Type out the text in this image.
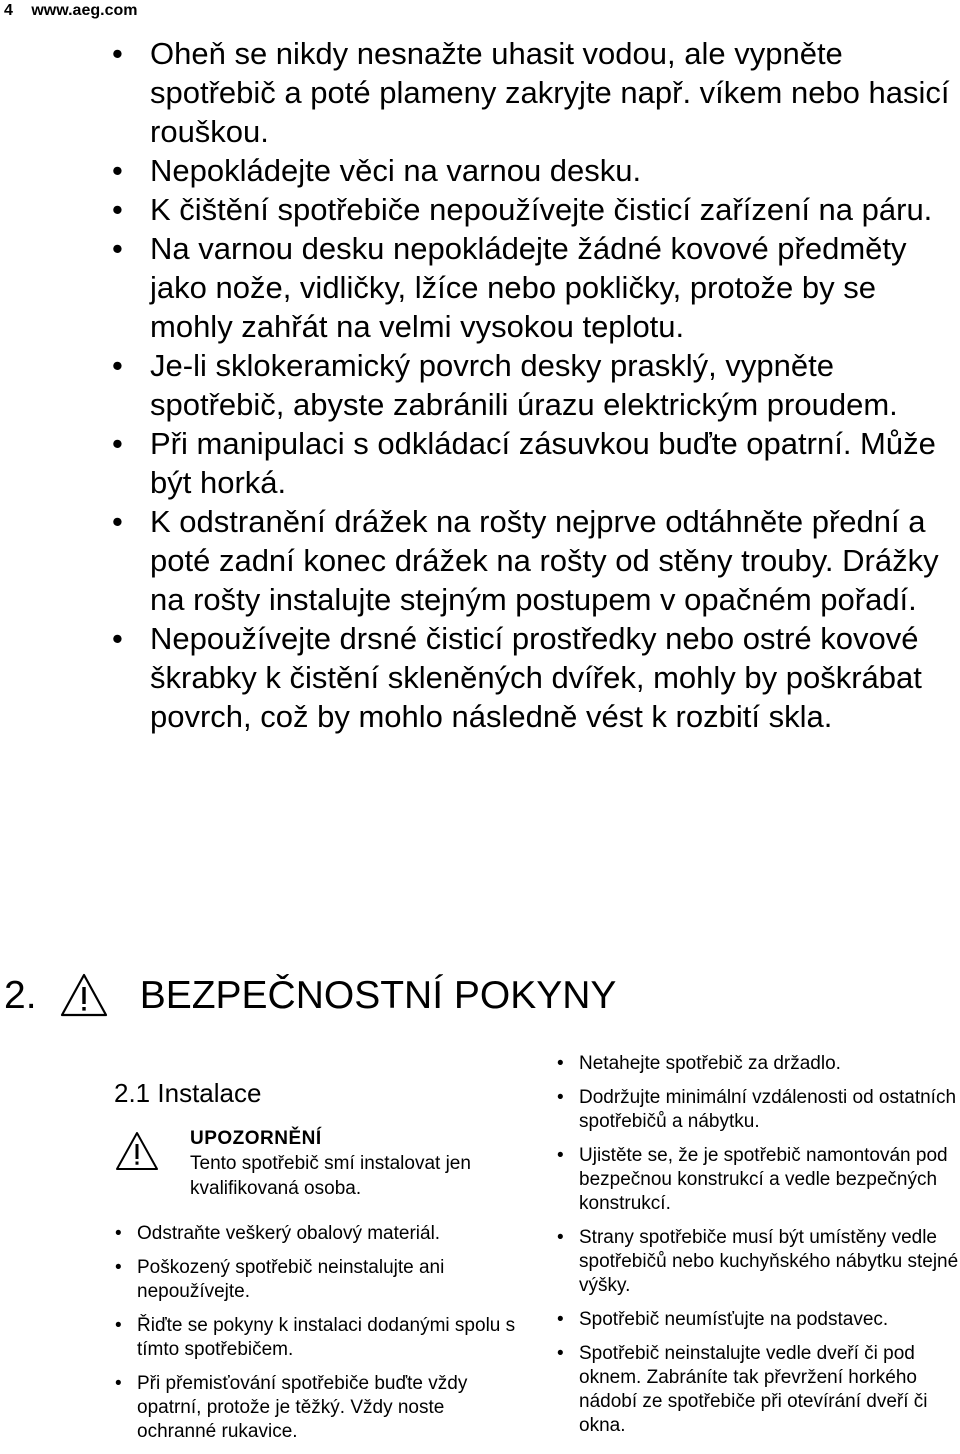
4 www.aeg.com
• Oheň se nikdy nesnažte uhasit vodou, ale vypněte spotřebič a poté plameny zakryjte např. víkem nebo hasicí rouškou.
• Nepokládejte věci na varnou desku.
• K čištění spotřebiče nepoužívejte čisticí zařízení na páru.
• Na varnou desku nepokládejte žádné kovové předměty jako nože, vidličky, lžíce nebo pokličky, protože by se mohly zahřát na velmi vysokou teplotu.
• Je-li sklokeramický povrch desky prasklý, vypněte spotřebič, abyste zabránili úrazu elektrickým proudem.
• Při manipulaci s odkládací zásuvkou buďte opatrní. Může být horká.
• K odstranění drážek na rošty nejprve odtáhněte přední a poté zadní konec drážek na rošty od stěny trouby. Drážky na rošty instalujte stejným postupem v opačném pořadí.
• Nepoužívejte drsné čisticí prostředky nebo ostré kovové škrabky k čistění skleněných dvířek, mohly by poškrábat povrch, což by mohlo následně vést k rozbití skla.
2.	BEZPEČNOSTNÍ POKYNY
2.1 Instalace
UPOZORNĚNÍ
Tento spotřebič smí instalovat jen kvalifikovaná osoba.
• Odstraňte veškerý obalový materiál.
• Poškozený spotřebič neinstalujte ani nepoužívejte.
• Řiďte se pokyny k instalaci dodanými spolu s tímto spotřebičem.
• Při přemisťování spotřebiče buďte vždy opatrní, protože je těžký. Vždy noste ochranné rukavice.
• Netahejte spotřebič za držadlo.
• Dodržujte minimální vzdálenosti od ostatních spotřebičů a nábytku.
• Ujistěte se, že je spotřebič namontován pod bezpečnou konstrukcí a vedle bezpečných konstrukcí.
• Strany spotřebiče musí být umístěny vedle spotřebičů nebo kuchyňského nábytku stejné výšky.
• Spotřebič neumísťujte na podstavec.
• Spotřebič neinstalujte vedle dveří či pod oknem. Zabráníte tak převržení horkého nádobí ze spotřebiče při otevírání dveří či okna.
